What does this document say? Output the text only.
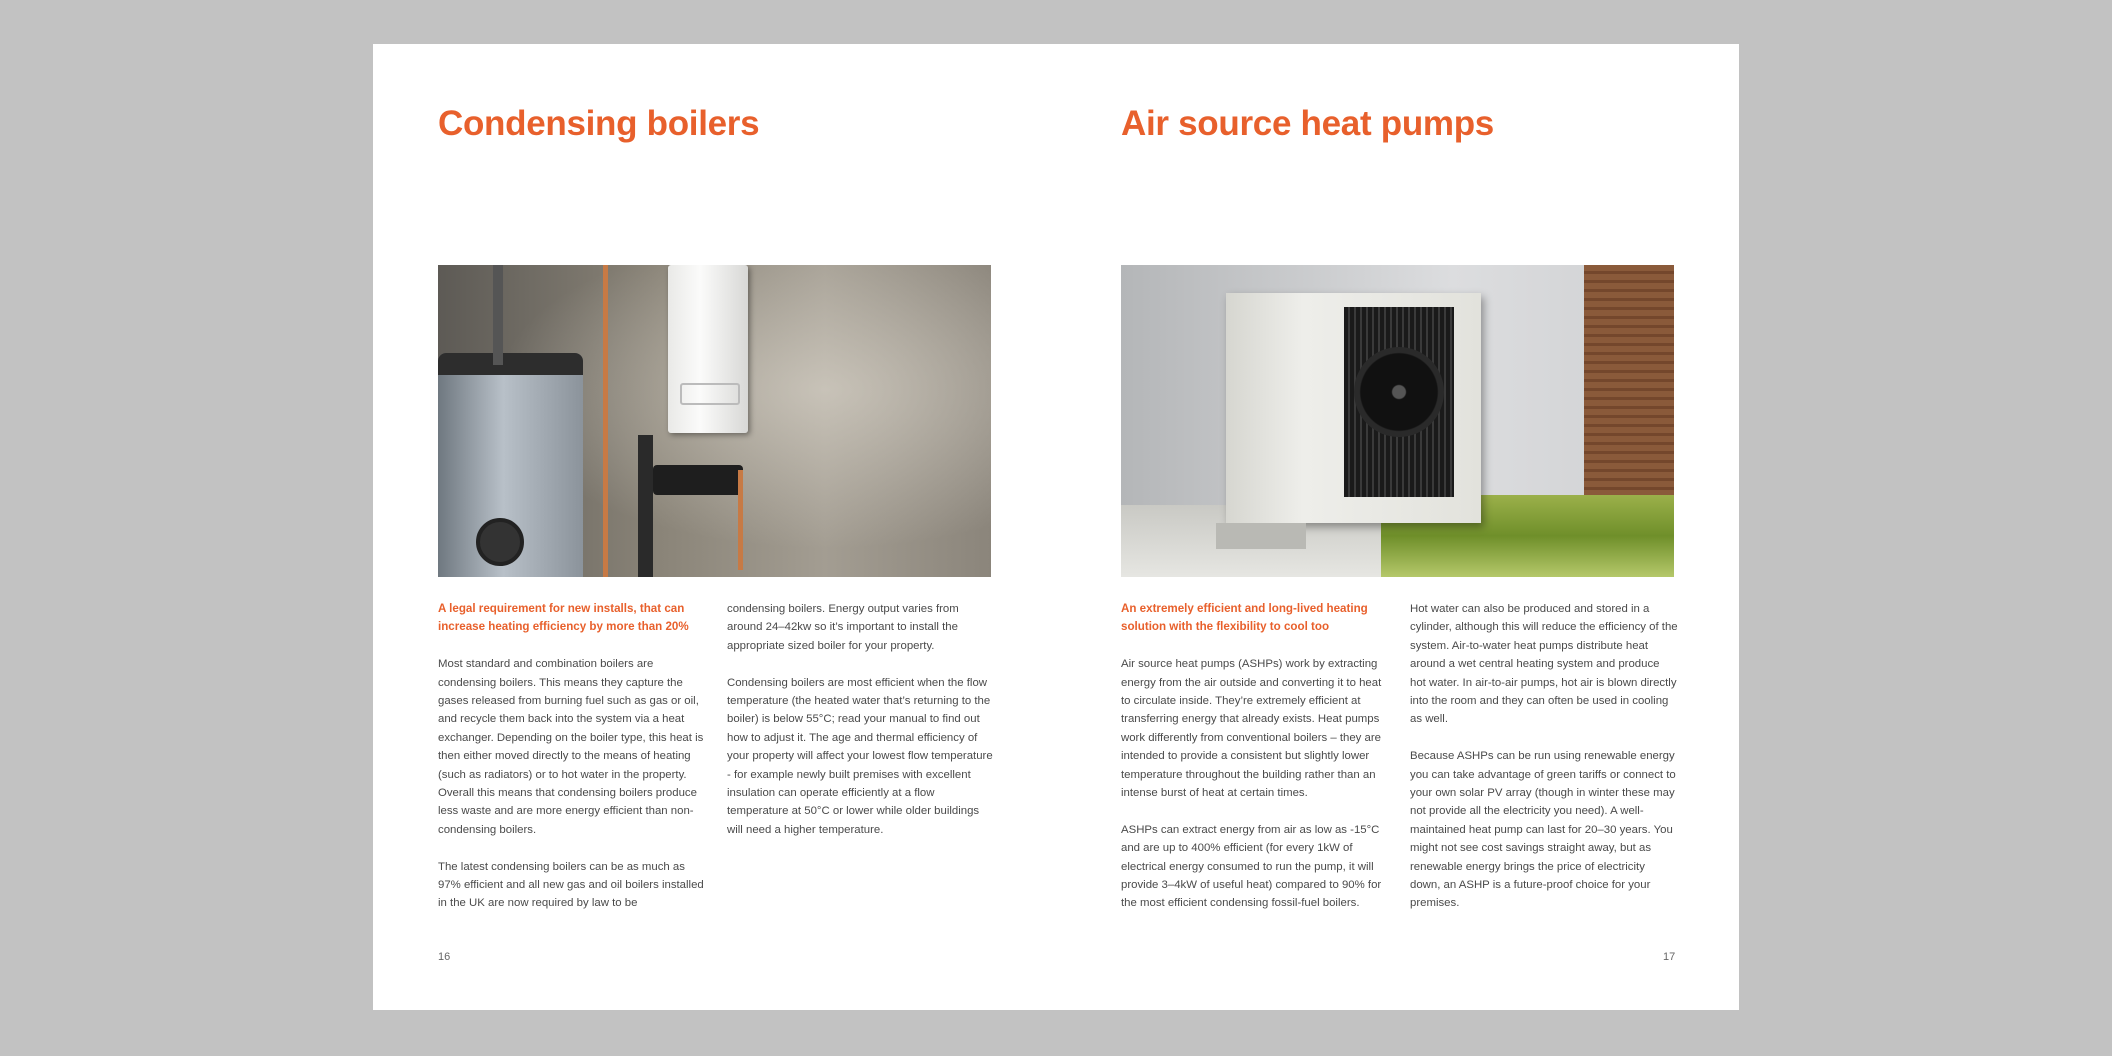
Condensing boilers

A legal requirement for new installs, that can increase heating efficiency by more than 20%

Most standard and combination boilers are condensing boilers. This means they capture the gases released from burning fuel such as gas or oil, and recycle them back into the system via a heat exchanger. Depending on the boiler type, this heat is then either moved directly to the means of heating (such as radiators) or to hot water in the property. Overall this means that condensing boilers produce less waste and are more energy efficient than non-condensing boilers.

The latest condensing boilers can be as much as 97% efficient and all new gas and oil boilers installed in the UK are now required by law to be

condensing boilers. Energy output varies from around 24–42kw so it’s important to install the appropriate sized boiler for your property.

Condensing boilers are most efficient when the flow temperature (the heated water that’s returning to the boiler) is below 55°C; read your manual to find out how to adjust it. The age and thermal efficiency of your property will affect your lowest flow temperature - for example newly built premises with excellent insulation can operate efficiently at a flow temperature at 50°C or lower while older buildings will need a higher temperature.

16
Air source heat pumps

An extremely efficient and long-lived heating solution with the flexibility to cool too

Air source heat pumps (ASHPs) work by extracting energy from the air outside and converting it to heat to circulate inside. They’re extremely efficient at transferring energy that already exists. Heat pumps work differently from conventional boilers – they are intended to provide a consistent but slightly lower temperature throughout the building rather than an intense burst of heat at certain times.

ASHPs can extract energy from air as low as -15°C and are up to 400% efficient (for every 1kW of electrical energy consumed to run the pump, it will provide 3–4kW of useful heat) compared to 90% for the most efficient condensing fossil-fuel boilers.

Hot water can also be produced and stored in a cylinder, although this will reduce the efficiency of the system. Air-to-water heat pumps distribute heat around a wet central heating system and produce hot water. In air-to-air pumps, hot air is blown directly into the room and they can often be used in cooling as well.

Because ASHPs can be run using renewable energy you can take advantage of green tariffs or connect to your own solar PV array (though in winter these may not provide all the electricity you need). A well-maintained heat pump can last for 20–30 years. You might not see cost savings straight away, but as renewable energy brings the price of electricity down, an ASHP is a future-proof choice for your premises.

17
